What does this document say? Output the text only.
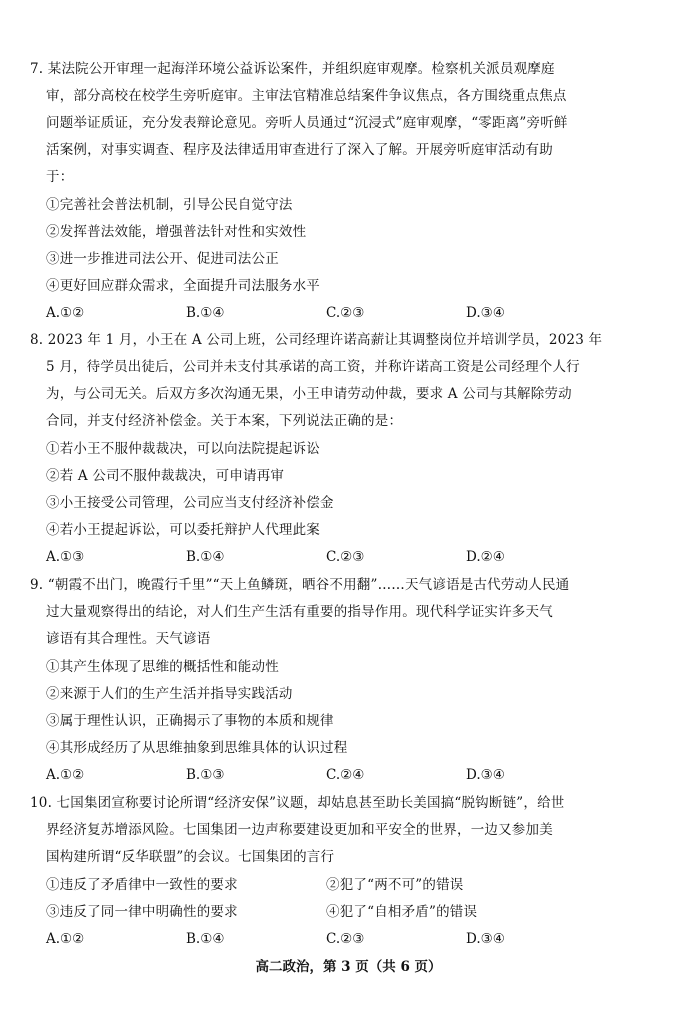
7. 某法院公开审理一起海洋环境公益诉讼案件，并组织庭审观摩。检察机关派员观摩庭
审，部分高校在校学生旁听庭审。主审法官精准总结案件争议焦点，各方围绕重点焦点
问题举证质证，充分发表辩论意见。旁听人员通过“沉浸式”庭审观摩，“零距离”旁听鲜
活案例，对事实调查、程序及法律适用审查进行了深入了解。开展旁听庭审活动有助
于：
①完善社会普法机制，引导公民自觉守法
②发挥普法效能，增强普法针对性和实效性
③进一步推进司法公开、促进司法公正
④更好回应群众需求，全面提升司法服务水平
A.①②	B.①④	C.②③	D.③④
8. 2023 年 1 月，小王在 A 公司上班，公司经理许诺高薪让其调整岗位并培训学员，2023 年
5 月，待学员出徒后，公司并未支付其承诺的高工资，并称许诺高工资是公司经理个人行
为，与公司无关。后双方多次沟通无果，小王申请劳动仲裁，要求 A 公司与其解除劳动
合同，并支付经济补偿金。关于本案，下列说法正确的是：
①若小王不服仲裁裁决，可以向法院提起诉讼
②若 A 公司不服仲裁裁决，可申请再审
③小王接受公司管理，公司应当支付经济补偿金
④若小王提起诉讼，可以委托辩护人代理此案
A.①③	B.①④	C.②③	D.②④
9. “朝霞不出门，晚霞行千里”“天上鱼鳞斑，晒谷不用翻”……天气谚语是古代劳动人民通
过大量观察得出的结论，对人们生产生活有重要的指导作用。现代科学证实许多天气
谚语有其合理性。天气谚语
①其产生体现了思维的概括性和能动性
②来源于人们的生产生活并指导实践活动
③属于理性认识，正确揭示了事物的本质和规律
④其形成经历了从思维抽象到思维具体的认识过程
A.①②	B.①③	C.②④	D.③④
10. 七国集团宣称要讨论所谓“经济安保”议题，却姑息甚至助长美国搞“脱钩断链”，给世
界经济复苏增添风险。七国集团一边声称要建设更加和平安全的世界，一边又参加美
国构建所谓“反华联盟”的会议。七国集团的言行
①违反了矛盾律中一致性的要求	②犯了“两不可”的错误
③违反了同一律中明确性的要求	④犯了“自相矛盾”的错误
A.①②	B.①④	C.②③	D.③④
高二政治，第 3 页（共 6 页）
